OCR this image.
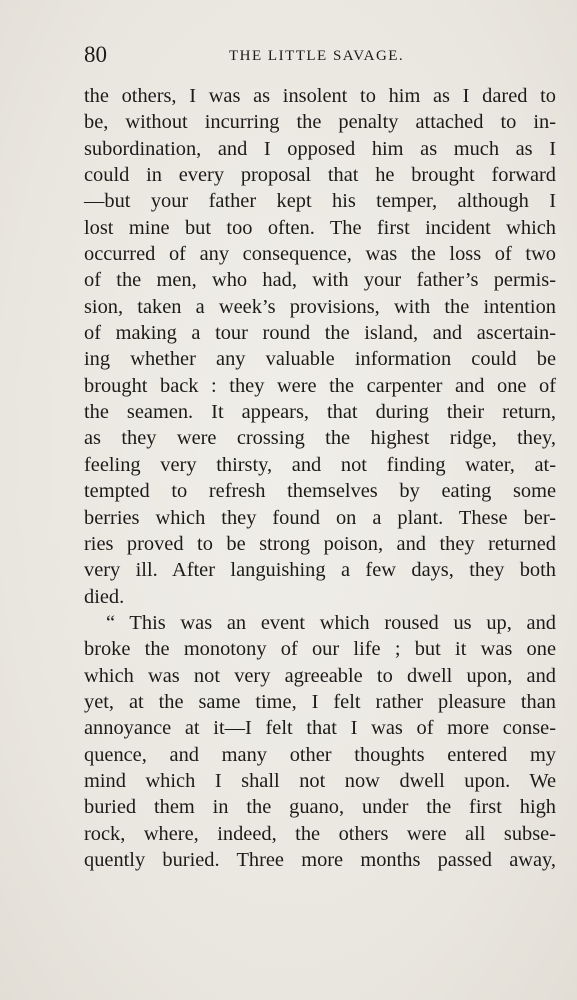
80	THE LITTLE SAVAGE.
the others, I was as insolent to him as I dared to
be, without incurring the penalty attached to in-
subordination, and I opposed him as much as I
could in every proposal that he brought forward
—but your father kept his temper, although I
lost mine but too often. The first incident which
occurred of any consequence, was the loss of two
of the men, who had, with your father’s permis-
sion, taken a week’s provisions, with the intention
of making a tour round the island, and ascertain-
ing whether any valuable information could be
brought back : they were the carpenter and one of
the seamen. It appears, that during their return,
as they were crossing the highest ridge, they,
feeling very thirsty, and not finding water, at-
tempted to refresh themselves by eating some
berries which they found on a plant. These ber-
ries proved to be strong poison, and they returned
very ill. After languishing a few days, they both
died.
“ This was an event which roused us up, and
broke the monotony of our life ; but it was one
which was not very agreeable to dwell upon, and
yet, at the same time, I felt rather pleasure than
annoyance at it—I felt that I was of more conse-
quence, and many other thoughts entered my
mind which I shall not now dwell upon. We
buried them in the guano, under the first high
rock, where, indeed, the others were all subse-
quently buried. Three more months passed away,
